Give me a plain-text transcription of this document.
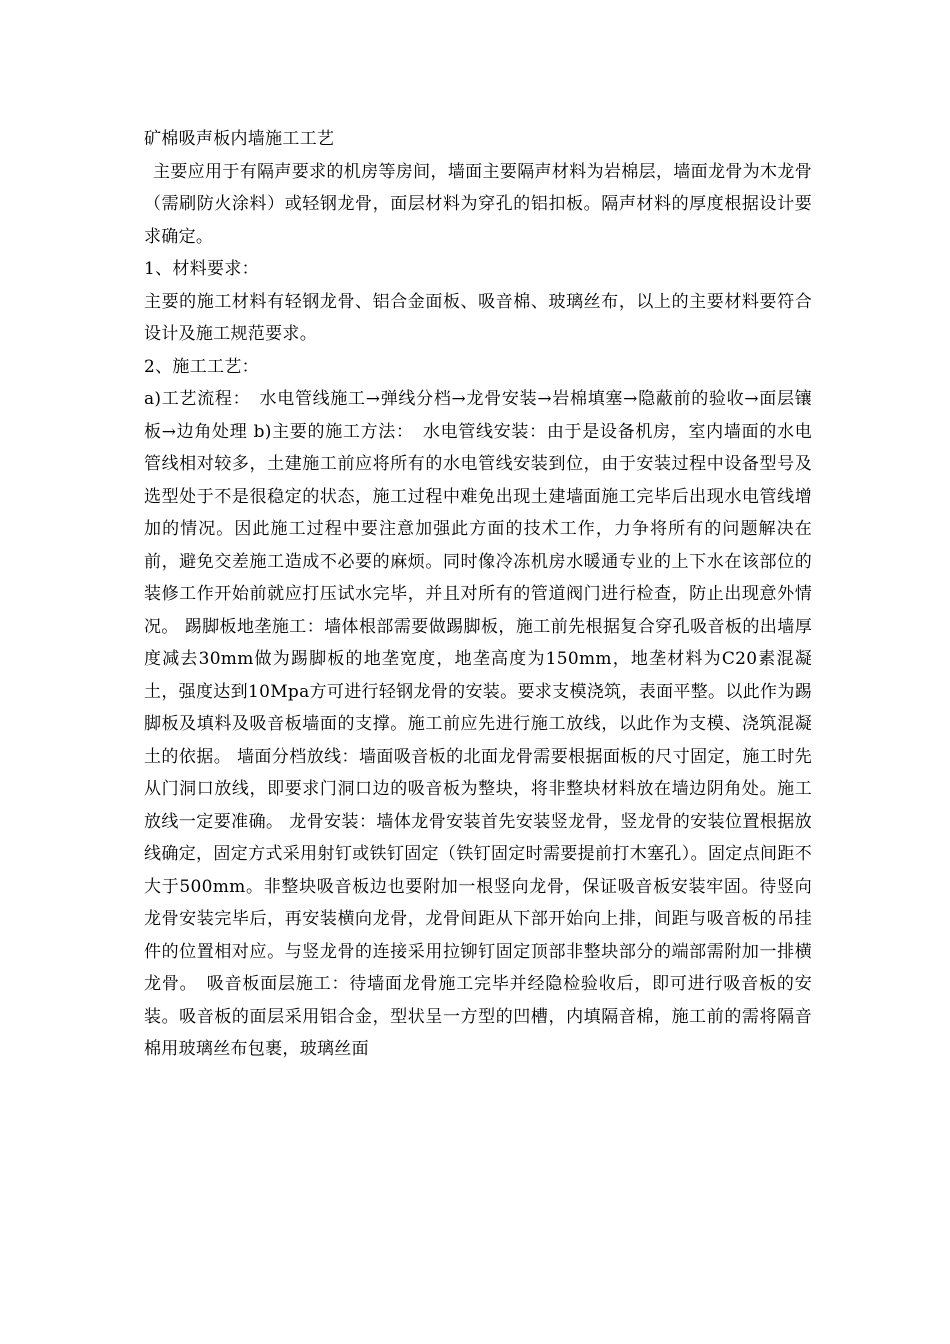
矿棉吸声板内墙施工工艺

主要应用于有隔声要求的机房等房间，墙面主要隔声材料为岩棉层，墙面龙骨为木龙骨（需刷防火涂料）或轻钢龙骨，面层材料为穿孔的铝扣板。隔声材料的厚度根据设计要求确定。

1、材料要求：

主要的施工材料有轻钢龙骨、铝合金面板、吸音棉、玻璃丝布，以上的主要材料要符合设计及施工规范要求。

2、施工工艺：

a)工艺流程：　水电管线施工→弹线分档→龙骨安装→岩棉填塞→隐蔽前的验收→面层镶板→边角处理 b)主要的施工方法：　水电管线安装：由于是设备机房，室内墙面的水电管线相对较多，土建施工前应将所有的水电管线安装到位，由于安装过程中设备型号及选型处于不是很稳定的状态，施工过程中难免出现土建墙面施工完毕后出现水电管线增加的情况。因此施工过程中要注意加强此方面的技术工作，力争将所有的问题解决在前，避免交差施工造成不必要的麻烦。同时像冷冻机房水暖通专业的上下水在该部位的装修工作开始前就应打压试水完毕，并且对所有的管道阀门进行检查，防止出现意外情况。 踢脚板地垄施工：墙体根部需要做踢脚板，施工前先根据复合穿孔吸音板的出墙厚度减去30mm做为踢脚板的地垄宽度，地垄高度为150mm，地垄材料为C20素混凝土，强度达到10Mpa方可进行轻钢龙骨的安装。要求支模浇筑，表面平整。以此作为踢脚板及填料及吸音板墙面的支撑。施工前应先进行施工放线，以此作为支模、浇筑混凝土的依据。 墙面分档放线：墙面吸音板的北面龙骨需要根据面板的尺寸固定，施工时先从门洞口放线，即要求门洞口边的吸音板为整块，将非整块材料放在墙边阴角处。施工放线一定要准确。 龙骨安装：墙体龙骨安装首先安装竖龙骨，竖龙骨的安装位置根据放线确定，固定方式采用射钉或铁钉固定（铁钉固定时需要提前打木塞孔）。固定点间距不大于500mm。非整块吸音板边也要附加一根竖向龙骨，保证吸音板安装牢固。待竖向龙骨安装完毕后，再安装横向龙骨，龙骨间距从下部开始向上排，间距与吸音板的吊挂件的位置相对应。与竖龙骨的连接采用拉铆钉固定顶部非整块部分的端部需附加一排横龙骨。　吸音板面层施工：待墙面龙骨施工完毕并经隐检验收后，即可进行吸音板的安装。吸音板的面层采用铝合金，型状呈一方型的凹槽，内填隔音棉，施工前的需将隔音棉用玻璃丝布包裹，玻璃丝面
